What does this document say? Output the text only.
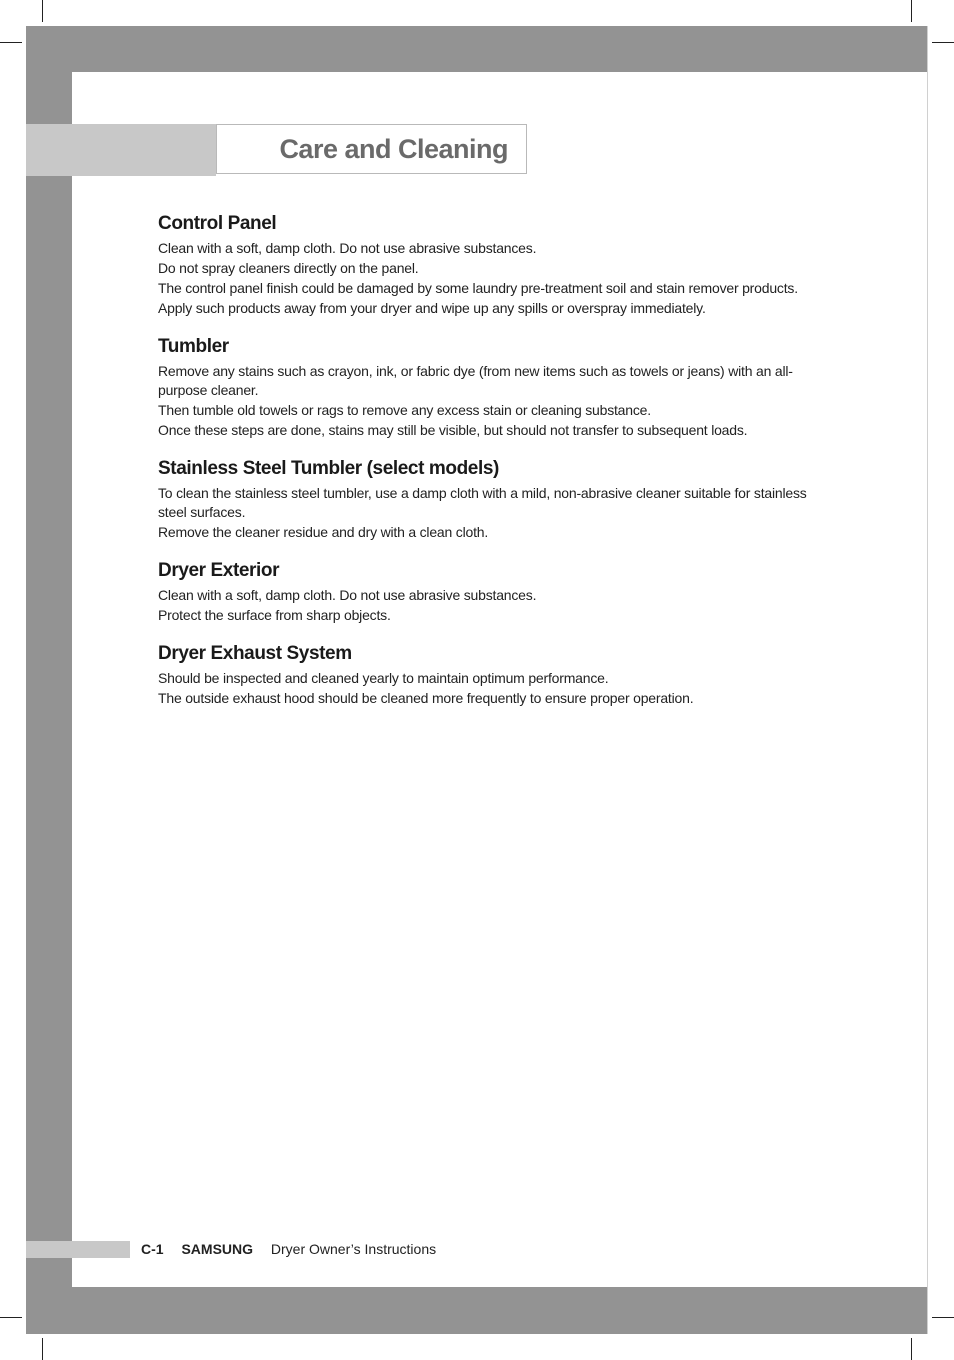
Care and Cleaning
Control Panel

Clean with a soft, damp cloth. Do not use abrasive substances.

Do not spray cleaners directly on the panel.

The control panel finish could be damaged by some laundry pre-treatment soil and stain remover products.

Apply such products away from your dryer and wipe up any spills or overspray immediately.

Tumbler

Remove any stains such as crayon, ink, or fabric dye (from new items such as towels or jeans) with an all-purpose cleaner.

Then tumble old towels or rags to remove any excess stain or cleaning substance.

Once these steps are done, stains may still be visible, but should not transfer to subsequent loads.

Stainless Steel Tumbler (select models)

To clean the stainless steel tumbler, use a damp cloth with a mild, non-abrasive cleaner suitable for stainless steel surfaces.

Remove the cleaner residue and dry with a clean cloth.

Dryer Exterior

Clean with a soft, damp cloth. Do not use abrasive substances.

Protect the surface from sharp objects.

Dryer Exhaust System

Should be inspected and cleaned yearly to maintain optimum performance.

The outside exhaust hood should be cleaned more frequently to ensure proper operation.

C-1 SAMSUNG Dryer Owner’s Instructions
